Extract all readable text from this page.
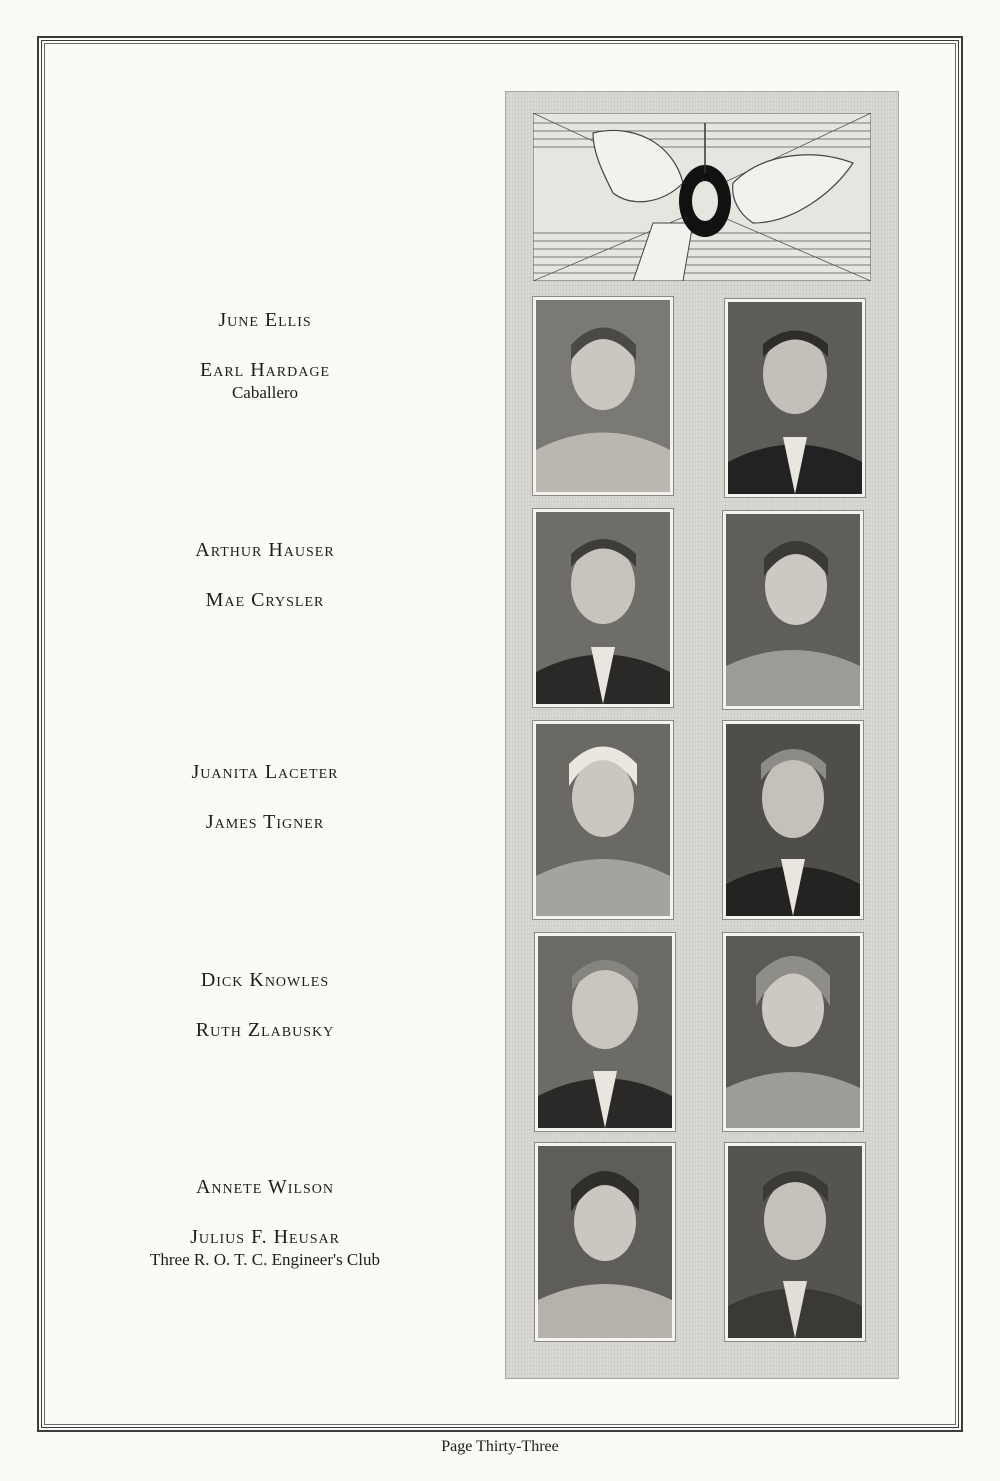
June Ellis

Earl Hardage

Caballero

Arthur Hauser

Mae Crysler

Juanita Laceter

James Tigner

Dick Knowles

Ruth Zlabusky

Annete Wilson

Julius F. Heusar

Three R. O. T. C. Engineer's Club

Page Thirty-Three
